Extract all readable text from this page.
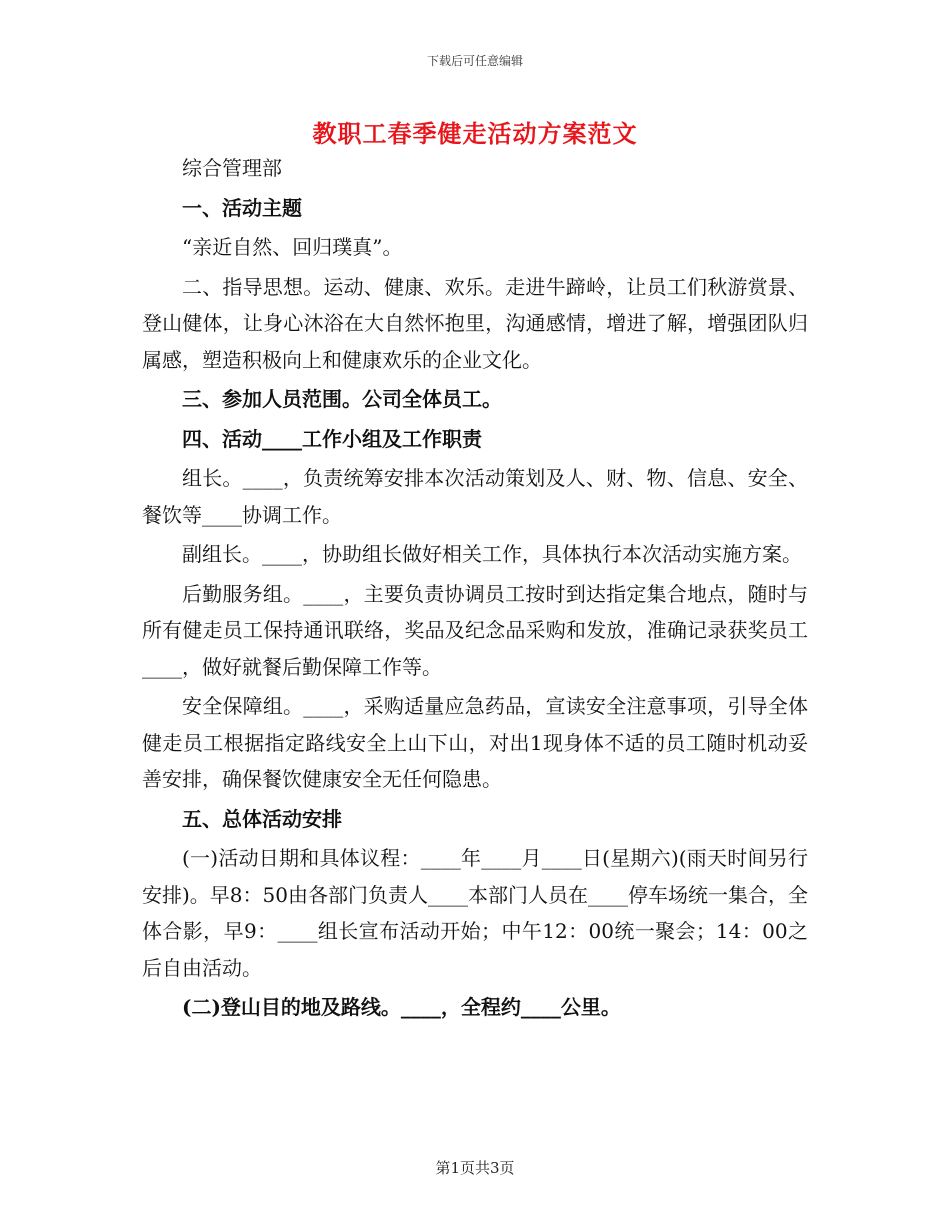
下载后可任意编辑
教职工春季健走活动方案范文

综合管理部

一、活动主题

“亲近自然、回归璞真”。

二、指导思想。运动、健康、欢乐。走进牛蹄岭，让员工们秋游赏景、登山健体，让身心沐浴在大自然怀抱里，沟通感情，增进了解，增强团队归属感，塑造积极向上和健康欢乐的企业文化。

三、参加人员范围。公司全体员工。

四、活动____工作小组及工作职责

组长。____，负责统筹安排本次活动策划及人、财、物、信息、安全、餐饮等____协调工作。

副组长。____，协助组长做好相关工作，具体执行本次活动实施方案。

后勤服务组。____，主要负责协调员工按时到达指定集合地点，随时与所有健走员工保持通讯联络，奖品及纪念品采购和发放，准确记录获奖员工____，做好就餐后勤保障工作等。

安全保障组。____，采购适量应急药品，宣读安全注意事项，引导全体健走员工根据指定路线安全上山下山，对出1现身体不适的员工随时机动妥善安排，确保餐饮健康安全无任何隐患。

五、总体活动安排

(一)活动日期和具体议程：____年____月____日(星期六)(雨天时间另行安排)。早8：50由各部门负责人____本部门人员在____停车场统一集合，全体合影，早9：____组长宣布活动开始；中午12：00统一聚会；14：00之后自由活动。

(二)登山目的地及路线。____，全程约____公里。

第1页共3页
